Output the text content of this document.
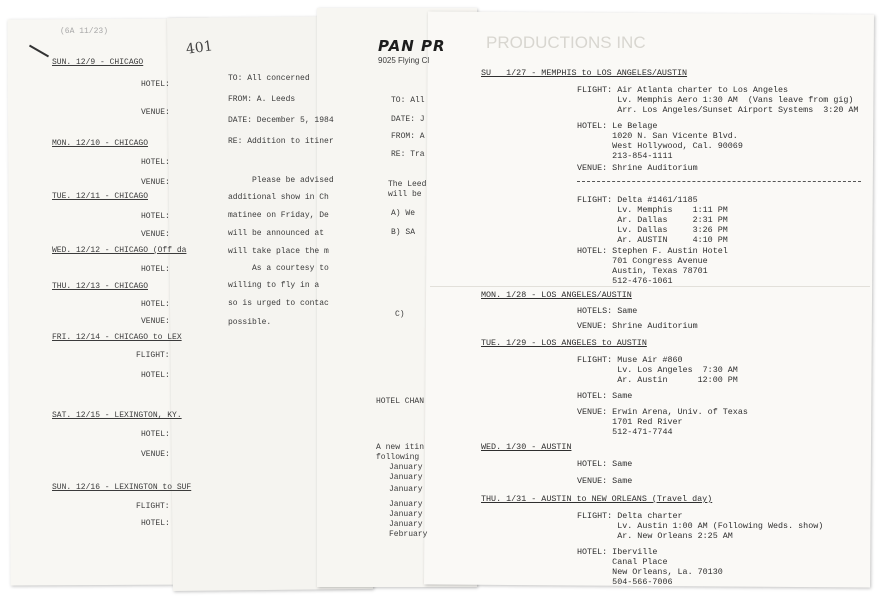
(6A 11/23)
SUN. 12/9 - CHICAGO
HOTEL:
VENUE:
MON. 12/10 - CHICAGO
HOTEL:
VENUE:
TUE. 12/11 - CHICAGO
HOTEL:
VENUE:
WED. 12/12 - CHICAGO (Off da
HOTEL:
THU. 12/13 - CHICAGO
HOTEL:
VENUE:
FRI. 12/14 - CHICAGO to LEX
FLIGHT:
HOTEL:
SAT. 12/15 - LEXINGTON, KY.
HOTEL:
VENUE:
SUN. 12/16 - LEXINGTON to SUF
FLIGHT:
HOTEL:
401
TO: All concerned
FROM: A. Leeds
DATE: December 5, 1984
RE: Addition to itiner
Please be advised
additional show in Ch
matinee on Friday, De
will be announced at
will take place the m
As a courtesy to
willing to fly in a
so is urged to contac
possible.
PAN PR
9025 Flying Cl
TO: All
DATE: J
FROM: A
RE: Tra
The Leed
will be
A) We
B) SA
C)
HOTEL CHAN
A new itin
following
January
January
January
January
January
January
February
PRODUCTIONS INC
SU   1/27 - MEMPHIS to LOS ANGELES/AUSTIN
FLIGHT: Air Atlanta charter to Los Angeles
Lv. Memphis Aero 1:30 AM  (Vans leave from gig)
Arr. Los Angeles/Sunset Airport Systems  3:20 AM
HOTEL: Le Belage
1020 N. San Vicente Blvd.
West Hollywood, Cal. 90069
213-854-1111
VENUE: Shrine Auditorium
FLIGHT: Delta #1461/1185
Lv. Memphis    1:11 PM
Ar. Dallas     2:31 PM
Lv. Dallas     3:26 PM
Ar. AUSTIN     4:10 PM
HOTEL: Stephen F. Austin Hotel
701 Congress Avenue
Austin, Texas 78701
512-476-1061
MON. 1/28 - LOS ANGELES/AUSTIN
HOTELS: Same
VENUE: Shrine Auditorium
TUE. 1/29 - LOS ANGELES to AUSTIN
FLIGHT: Muse Air #860
Lv. Los Angeles  7:30 AM
Ar. Austin      12:00 PM
HOTEL: Same
VENUE: Erwin Arena, Univ. of Texas
1701 Red River
512-471-7744
WED. 1/30 - AUSTIN
HOTEL: Same
VENUE: Same
THU. 1/31 - AUSTIN to NEW ORLEANS (Travel day)
FLIGHT: Delta charter
Lv. Austin 1:00 AM (Following Weds. show)
Ar. New Orleans 2:25 AM
HOTEL: Iberville
Canal Place
New Orleans, La. 70130
504-566-7006
